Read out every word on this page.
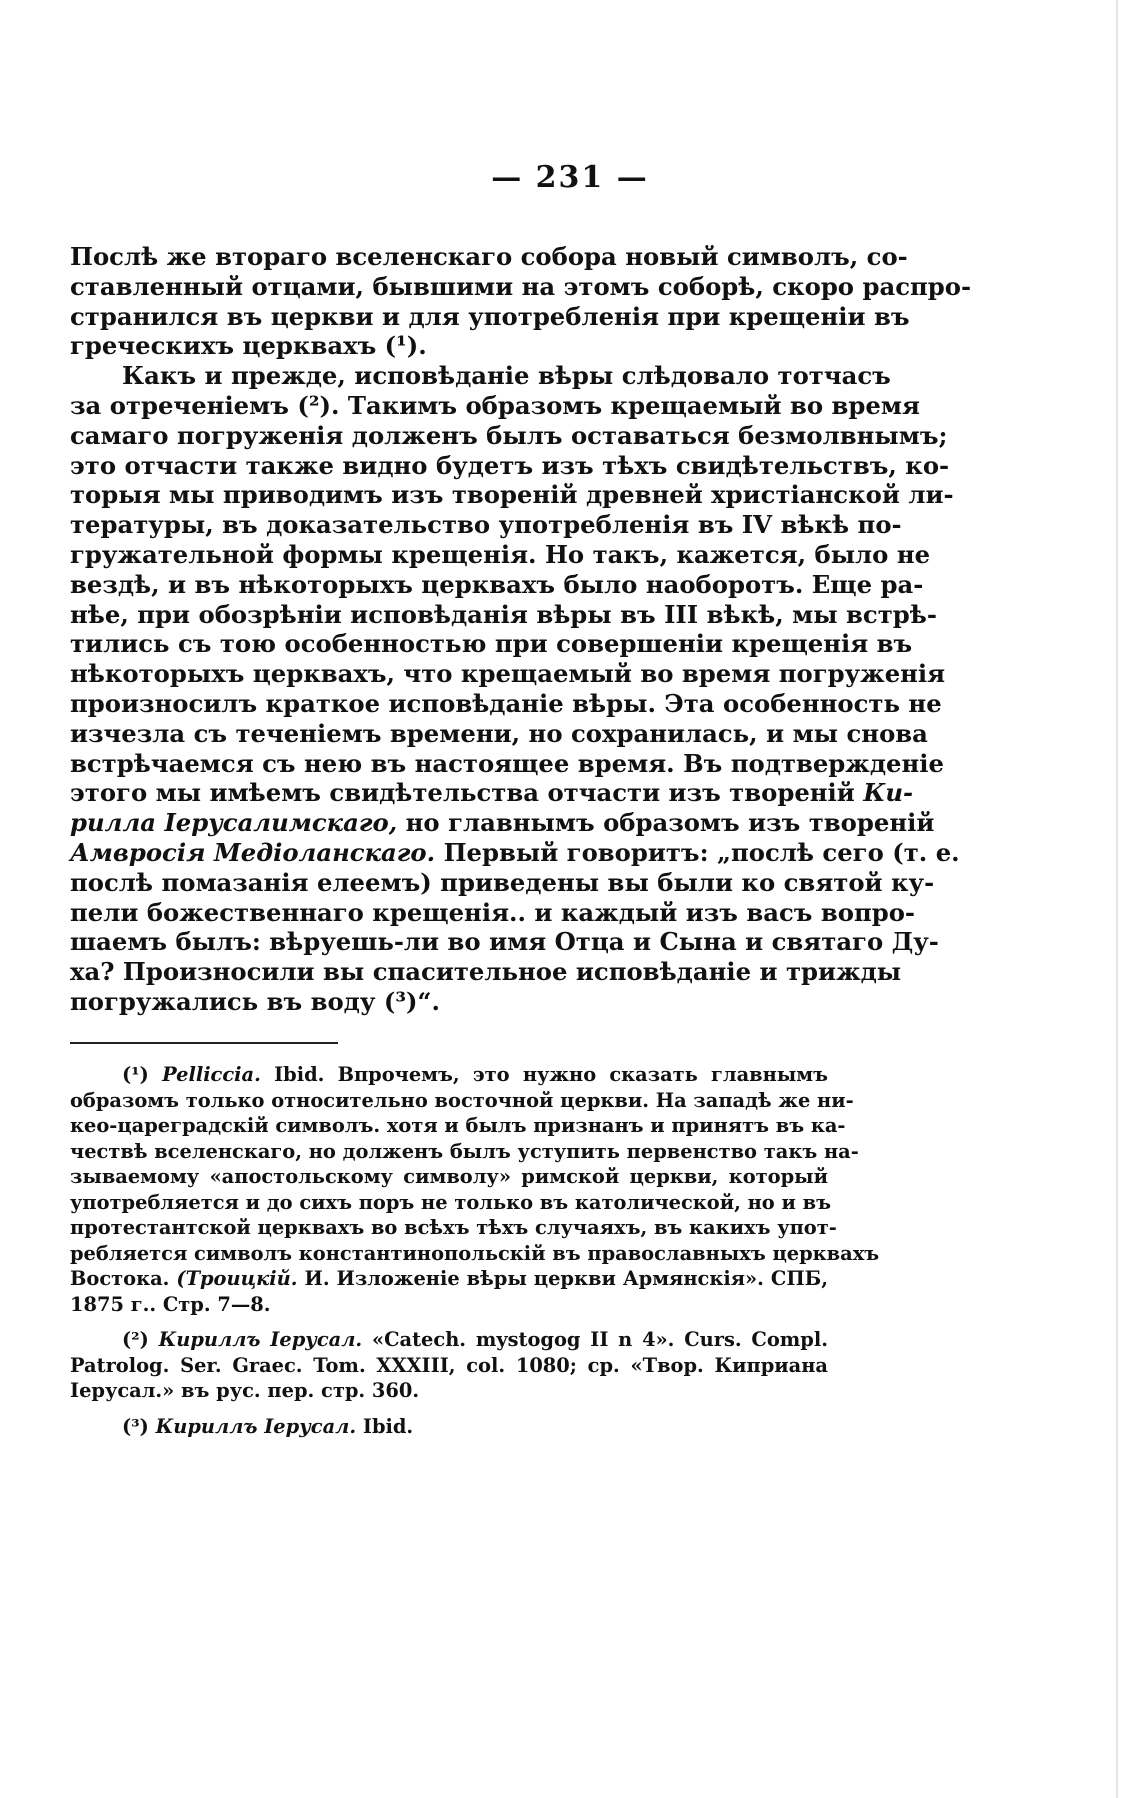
— 231 —

Послѣ же втораго вселенскаго собора новый символъ, со-
ставленный отцами, бывшими на этомъ соборѣ, скоро распро-
странился въ церкви и для употребленія при крещеніи въ
греческихъ церквахъ (¹).

Какъ и прежде, исповѣданіе вѣры слѣдовало тотчасъ
за отреченіемъ (²). Такимъ образомъ крещаемый во время
самаго погруженія долженъ былъ оставаться безмолвнымъ;
это отчасти также видно будетъ изъ тѣхъ свидѣтельствъ, ко-
торыя мы приводимъ изъ твореній древней христіанской ли-
тературы, въ доказательство употребленія въ IV вѣкѣ по-
гружательной формы крещенія. Но такъ, кажется, было не
вездѣ, и въ нѣкоторыхъ церквахъ было наоборотъ. Еще ра-
нѣе, при обозрѣніи исповѣданія вѣры въ III вѣкѣ, мы встрѣ-
тились съ тою особенностью при совершеніи крещенія въ
нѣкоторыхъ церквахъ, что крещаемый во время погруженія
произносилъ краткое исповѣданіе вѣры. Эта особенность не
изчезла съ теченіемъ времени, но сохранилась, и мы снова
встрѣчаемся съ нею въ настоящее время. Въ подтвержденіе
этого мы имѣемъ свидѣтельства отчасти изъ твореній Ки-
рилла Іерусалимскаго, но главнымъ образомъ изъ твореній
Амвросія Медіоланскаго. Первый говоритъ: „послѣ сего (т. е.
послѣ помазанія елеемъ) приведены вы были ко святой ку-
пели божественнаго крещенія.. и каждый изъ васъ вопро-
шаемъ былъ: вѣруешь-ли во имя Отца и Сына и святаго Ду-
ха? Произносили вы спасительное исповѣданіе и трижды
погружались въ воду (³)“.

(¹) Pelliccia. Ibid. Впрочемъ, это нужно сказать главнымъ
образомъ только относительно восточной церкви. На западѣ же ни-
кео-цареградскій символъ. хотя и былъ признанъ и принятъ въ ка-
чествѣ вселенскаго, но долженъ былъ уступить первенство такъ на-
зываемому «апостольскому символу» римской церкви, который
употребляется и до сихъ поръ не только въ католической, но и въ
протестантской церквахъ во всѣхъ тѣхъ случаяхъ, въ какихъ упот-
ребляется символъ константинопольскій въ православныхъ церквахъ
Востока. (Троицкій. И. Изложеніе вѣры церкви Армянскія». СПБ,
1875 г.. Стр. 7—8.
(²) Кириллъ Іерусал. «Catech. mystogog II n 4». Curs. Compl.
Patrolog. Ser. Graec. Tom. XXXIII, col. 1080; ср. «Твор. Киприана
Іерусал.» въ рус. пер. стр. 360.
(³) Кириллъ Іерусал. Ibid.
